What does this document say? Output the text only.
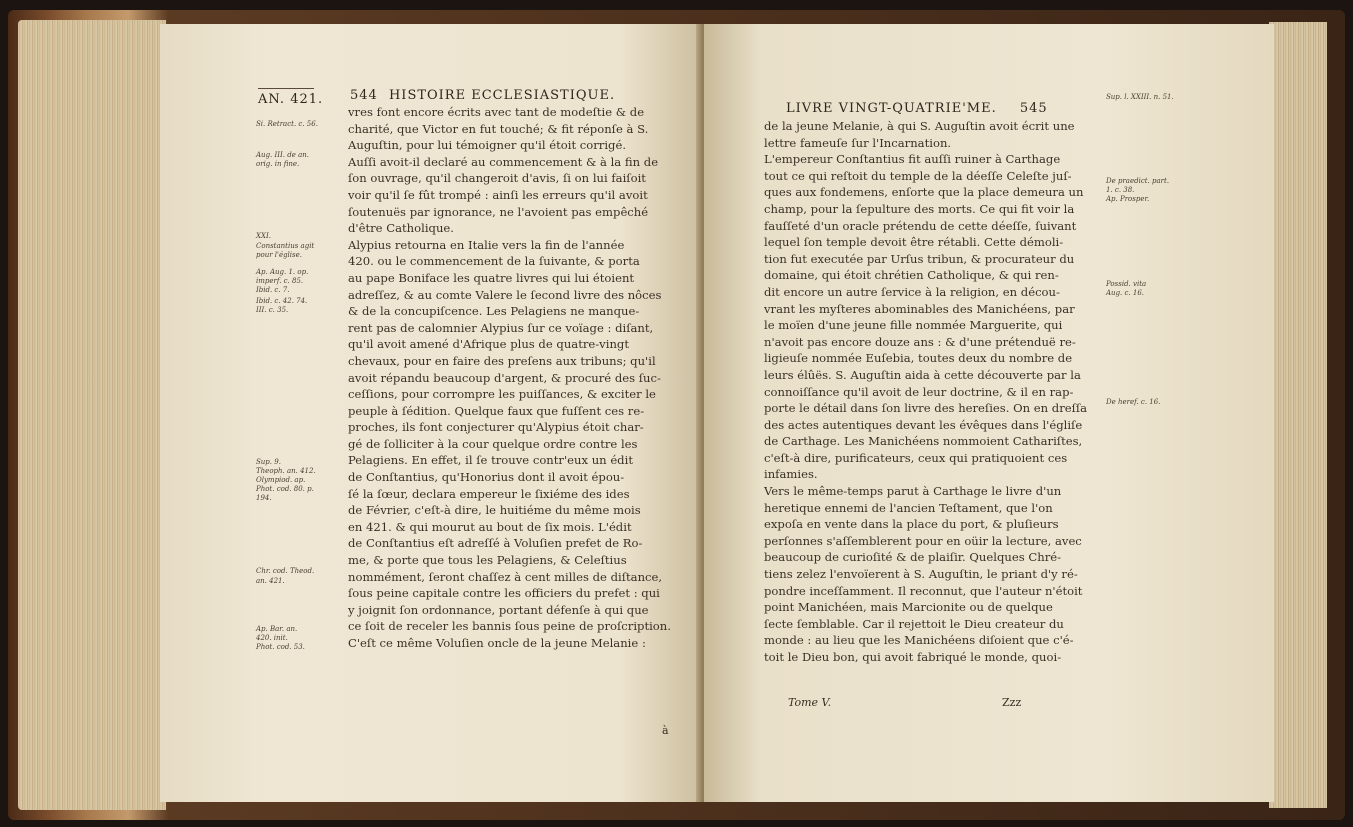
544 HISTOIRE ECCLESIASTIQUE.
AN. 421.
Si. Retract. c. 56.
Aug. III. de an.
orig. in fine.
XXI.
Constantius agit
pour l'église.
Ap. Aug. 1. op.
imperf. c. 85.
Ibid. c. 7.
Ibid. c. 42. 74.
III. c. 35.
Sup. 9.
Theoph. an. 412.
Olympiod. ap.
Phot. cod. 80. p.
194.
Chr. cod. Theod.
an. 421.
Ap. Bar. an.
420. init.
Phot. cod. 53.
vres font encore écrits avec tant de modeſtie & de
charité, que Victor en fut touché; & fit réponſe à S.
Auguſtin, pour lui témoigner qu'il étoit corrigé.
Auſſi avoit-il declaré au commencement & à la fin de
ſon ouvrage, qu'il changeroit d'avis, ſi on lui faiſoit
voir qu'il ſe fût trompé : ainſi les erreurs qu'il avoit
ſoutenuës par ignorance, ne l'avoient pas empêché
d'être Catholique.
Alypius retourna en Italie vers la fin de l'année
420. ou le commencement de la ſuivante, & porta
au pape Boniface les quatre livres qui lui étoient
adreſſez, & au comte Valere le ſecond livre des nôces
& de la concupiſcence. Les Pelagiens ne manque-
rent pas de calomnier Alypius ſur ce voïage : diſant,
qu'il avoit amené d'Afrique plus de quatre-vingt
chevaux, pour en faire des preſens aux tribuns; qu'il
avoit répandu beaucoup d'argent, & procuré des ſuc-
ceſſions, pour corrompre les puiſſances, & exciter le
peuple à ſédition. Quelque faux que fuſſent ces re-
proches, ils font conjecturer qu'Alypius étoit char-
gé de ſolliciter à la cour quelque ordre contre les
Pelagiens. En effet, il ſe trouve contr'eux un édit
de Conſtantius, qu'Honorius dont il avoit épou-
ſé la ſœur, declara empereur le ſixiéme des ides
de Février, c'eſt-à dire, le huitiéme du même mois
en 421. & qui mourut au bout de ſix mois. L'édit
de Conſtantius eſt adreſſé à Voluſien prefet de Ro-
me, & porte que tous les Pelagiens, & Celeſtius
nommément, ſeront chaſſez à cent milles de diſtance,
ſous peine capitale contre les officiers du prefet : qui
y joignit ſon ordonnance, portant défenſe à qui que
ce ſoit de receler les bannis ſous peine de proſcription.
C'eſt ce même Voluſien oncle de la jeune Melanie :
à
LIVRE VINGT-QUATRIE'ME. 545
de la jeune Melanie, à qui S. Auguſtin avoit écrit une
lettre fameuſe ſur l'Incarnation.
L'empereur Conſtantius fit auſſi ruiner à Carthage
tout ce qui reſtoit du temple de la déeſſe Celeſte juſ-
ques aux fondemens, enſorte que la place demeura un
champ, pour la ſepulture des morts. Ce qui fit voir la
fauſſeté d'un oracle prétendu de cette déeſſe, ſuivant
lequel ſon temple devoit être rétabli. Cette démoli-
tion fut executée par Urſus tribun, & procurateur du
domaine, qui étoit chrétien Catholique, & qui ren-
dit encore un autre ſervice à la religion, en décou-
vrant les myſteres abominables des Manichéens, par
le moïen d'une jeune fille nommée Marguerite, qui
n'avoit pas encore douze ans : & d'une prétenduë re-
ligieuſe nommée Euſebia, toutes deux du nombre de
leurs élûës. S. Auguſtin aida à cette découverte par la
connoiſſance qu'il avoit de leur doctrine, & il en rap-
porte le détail dans ſon livre des hereſies. On en dreſſa
des actes autentiques devant les évêques dans l'égliſe
de Carthage. Les Manichéens nommoient Cathariſtes,
c'eſt-à dire, purificateurs, ceux qui pratiquoient ces
infamies.
Vers le même-temps parut à Carthage le livre d'un
heretique ennemi de l'ancien Teſtament, que l'on
expoſa en vente dans la place du port, & pluſieurs
perſonnes s'aſſemblerent pour en oüir la lecture, avec
beaucoup de curioſité & de plaiſir. Quelques Chré-
tiens zelez l'envoïerent à S. Auguſtin, le priant d'y ré-
pondre inceſſamment. Il reconnut, que l'auteur n'étoit
point Manichéen, mais Marcionite ou de quelque
ſecte ſemblable. Car il rejettoit le Dieu createur du
monde : au lieu que les Manichéens diſoient que c'é-
toit le Dieu bon, qui avoit fabriqué le monde, quoi-
Sup. l. XXIII. n. 51.
De praedict. part.
1. c. 38.
Ap. Prosper.
Possid. vita
Aug. c. 16.
De heref. c. 16.
Tome V.	Zzz
